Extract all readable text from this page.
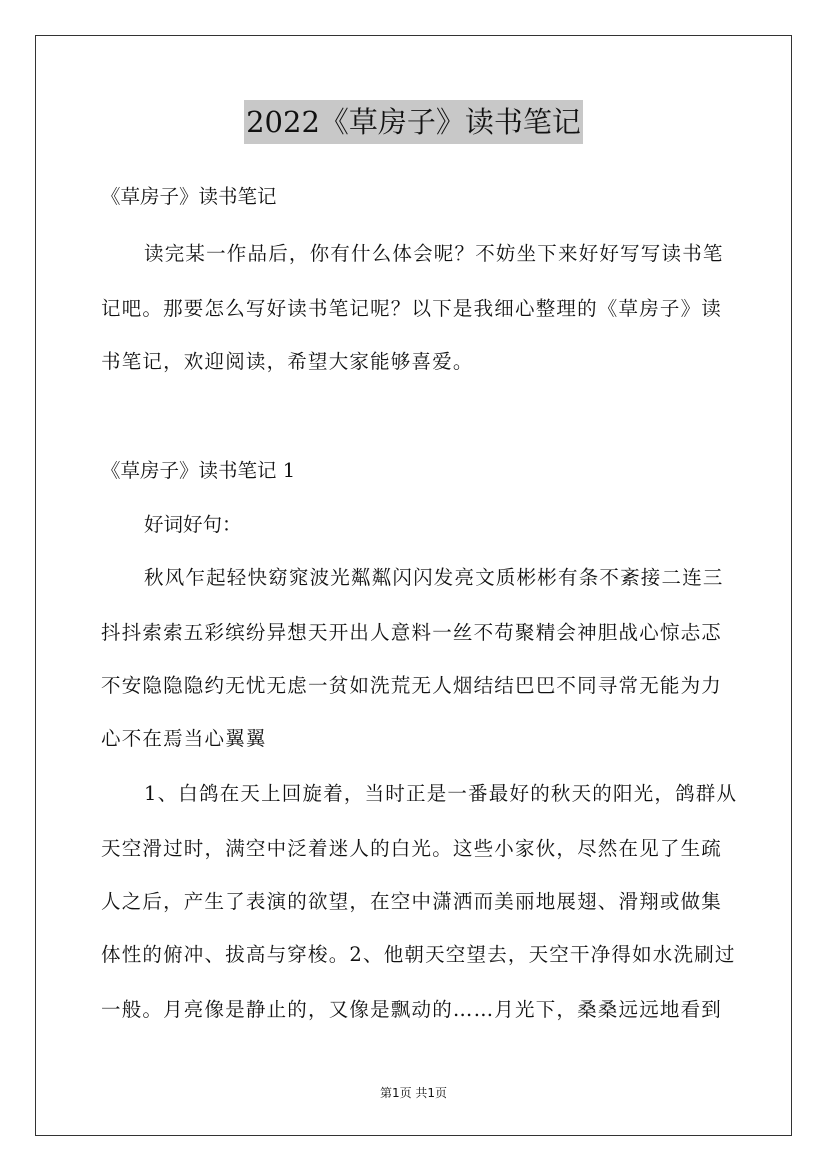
2022《草房子》读书笔记
《草房子》读书笔记
读完某一作品后，你有什么体会呢？不妨坐下来好好写写读书笔
记吧。那要怎么写好读书笔记呢？以下是我细心整理的《草房子》读
书笔记，欢迎阅读，希望大家能够喜爱。
《草房子》读书笔记 1
好词好句：
秋风乍起轻快窈窕波光粼粼闪闪发亮文质彬彬有条不紊接二连三
抖抖索索五彩缤纷异想天开出人意料一丝不苟聚精会神胆战心惊忐忑
不安隐隐隐约无忧无虑一贫如洗荒无人烟结结巴巴不同寻常无能为力
心不在焉当心翼翼
1、白鸽在天上回旋着，当时正是一番最好的秋天的阳光，鸽群从
天空滑过时，满空中泛着迷人的白光。这些小家伙，尽然在见了生疏
人之后，产生了表演的欲望，在空中潇洒而美丽地展翅、滑翔或做集
体性的俯冲、拔高与穿梭。2、他朝天空望去，天空干净得如水洗刷过
一般。月亮像是静止的，又像是飘动的……月光下，桑桑远远地看到
第1页 共1页
